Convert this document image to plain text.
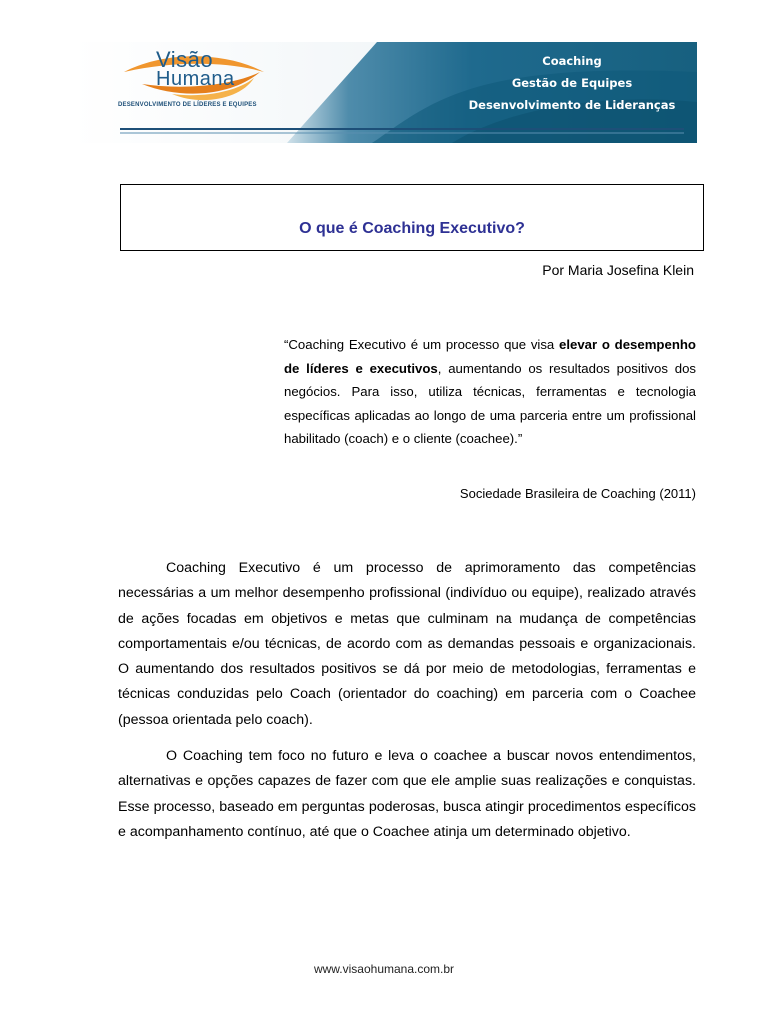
Visão
Humana
DESENVOLVIMENTO DE LÍDERES E EQUIPES
Coaching
Gestão de Equipes
Desenvolvimento de Lideranças
O que é Coaching Executivo?
Por Maria Josefina Klein

“Coaching Executivo é um processo que visa elevar o desempenho de líderes e executivos, aumentando os resultados positivos dos negócios. Para isso, utiliza técnicas, ferramentas e tecnologia específicas aplicadas ao longo de uma parceria entre um profissional habilitado (coach) e o cliente (coachee).”

Sociedade Brasileira de Coaching (2011)

Coaching Executivo é um processo de aprimoramento das competências necessárias a um melhor desempenho profissional (indivíduo ou equipe), realizado através de ações focadas em objetivos e metas que culminam na mudança de competências comportamentais e/ou técnicas, de acordo com as demandas pessoais e organizacionais. O aumentando dos resultados positivos se dá por meio de metodologias, ferramentas e técnicas conduzidas pelo Coach (orientador do coaching) em parceria com o Coachee (pessoa orientada pelo coach).

O Coaching tem foco no futuro e leva o coachee a buscar novos entendimentos, alternativas e opções capazes de fazer com que ele amplie suas realizações e conquistas. Esse processo, baseado em perguntas poderosas, busca atingir procedimentos específicos e acompanhamento contínuo, até que o Coachee atinja um determinado objetivo.

www.visaohumana.com.br
